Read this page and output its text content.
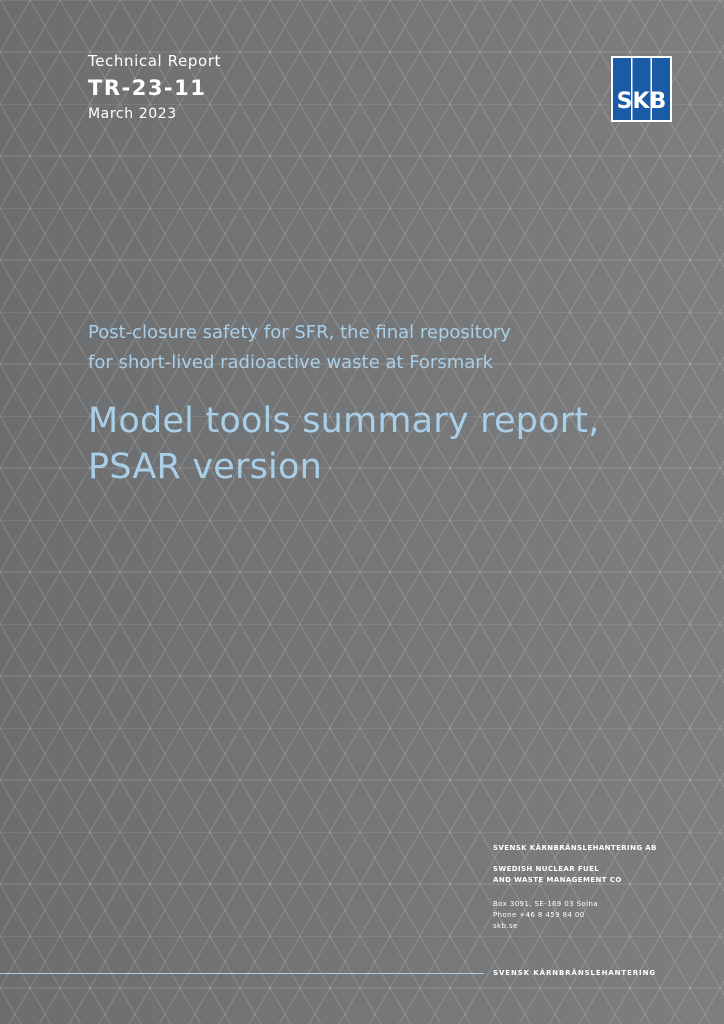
Technical Report
TR-23-11
March 2023	SKB
Post-closure safety for SFR, the final repository
for short-lived radioactive waste at Forsmark
Model tools summary report,
PSAR version
SVENSK KÄRNBRÄNSLEHANTERING AB
SWEDISH NUCLEAR FUEL
AND WASTE MANAGEMENT CO
Box 3091, SE-169 03 Solna
Phone +46 8 459 84 00
skb.se
SVENSK KÄRNBRÄNSLEHANTERING
